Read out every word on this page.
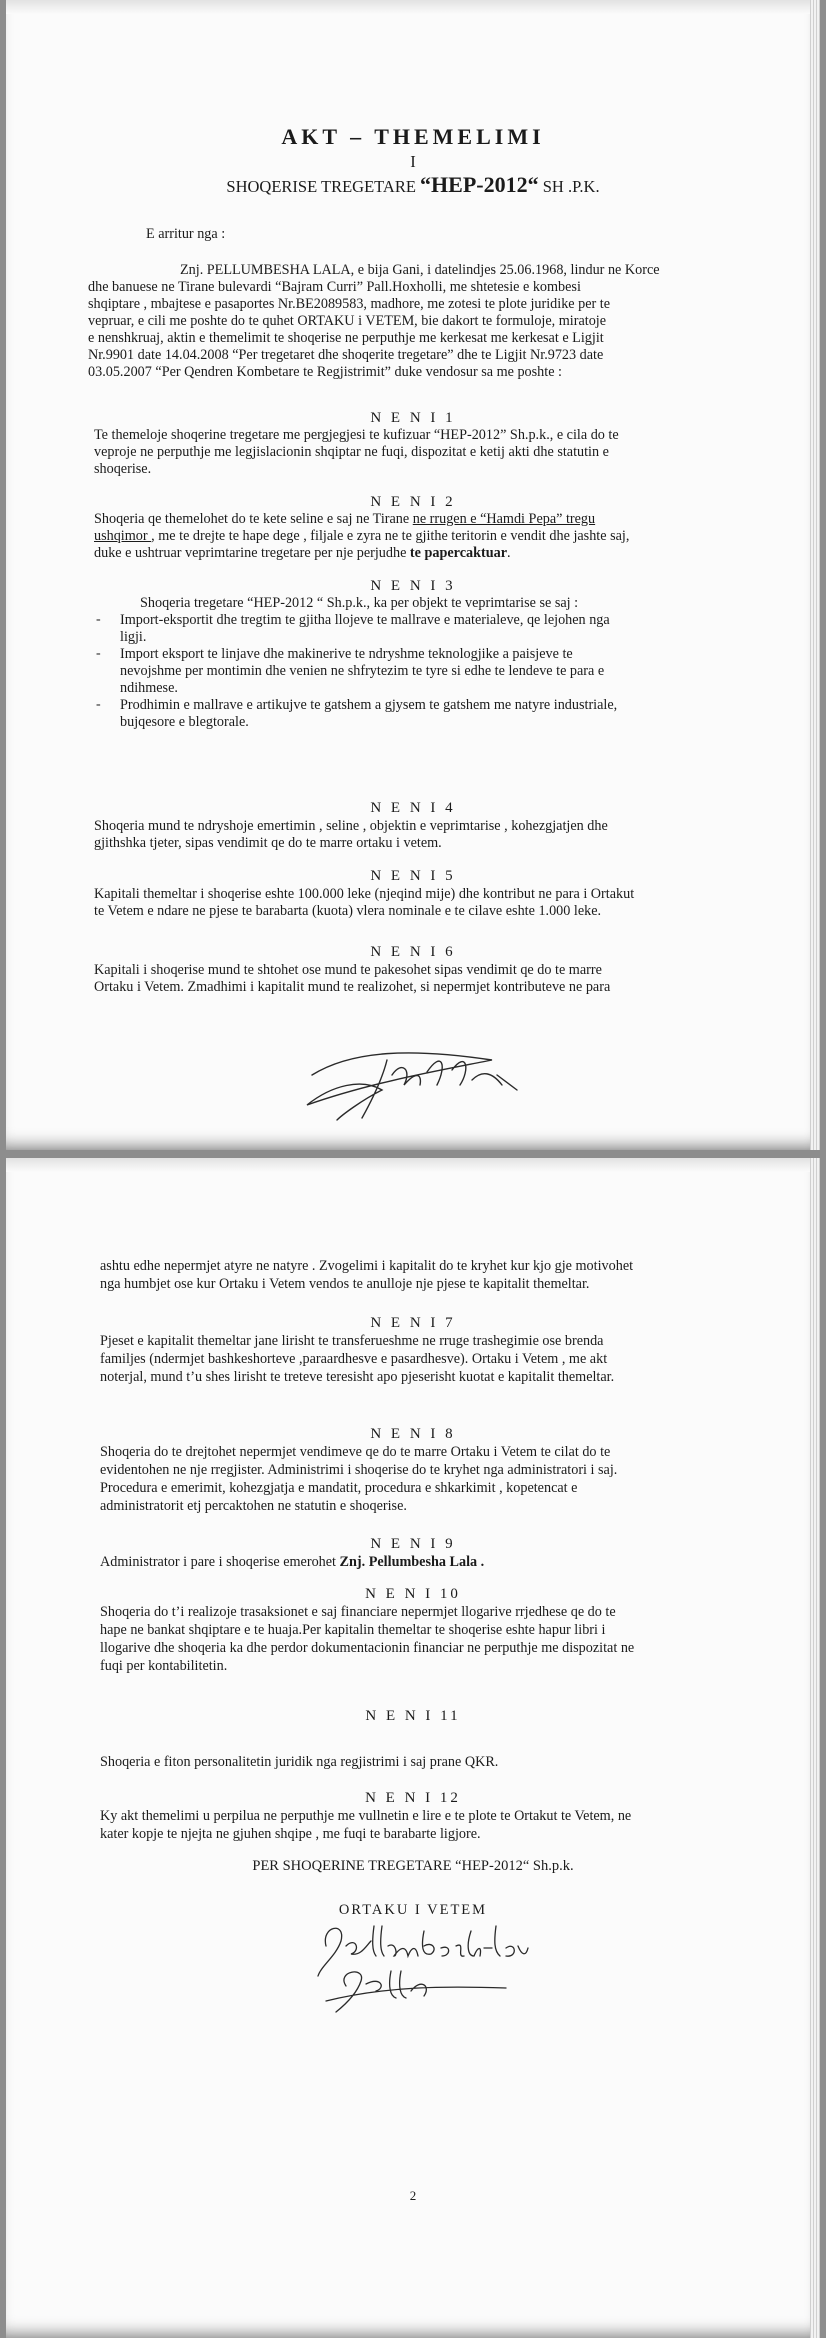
AKT – THEMELIMI
I
SHOQERISE TREGETARE “HEP-2012“ SH .P.K.
E arritur nga :
Znj. PELLUMBESHA LALA, e bija Gani, i datelindjes 25.06.1968, lindur ne Korce
dhe banuese ne Tirane bulevardi “Bajram Curri” Pall.Hoxholli, me shtetesie e kombesi
shqiptare , mbajtese e pasaportes Nr.BE2089583, madhore, me zotesi te plote juridike per te
vepruar, e cili me poshte do te quhet ORTAKU i VETEM, bie dakort te formuloje, miratoje
e nenshkruaj, aktin e themelimit te shoqerise ne perputhje me kerkesat me kerkesat e Ligjit
Nr.9901 date 14.04.2008 “Per tregetaret dhe shoqerite tregetare” dhe te Ligjit Nr.9723 date
03.05.2007 “Per Qendren Kombetare te Regjistrimit” duke vendosur sa me poshte :
N E N I 1
Te themeloje shoqerine tregetare me pergjegjesi te kufizuar “HEP-2012” Sh.p.k., e cila do te
veproje ne perputhje me legjislacionin shqiptar ne fuqi, dispozitat e ketij akti dhe statutin e
shoqerise.
N E N I 2
Shoqeria qe themelohet do te kete seline e saj ne Tirane ne rrugen e “Hamdi Pepa” tregu
ushqimor , me te drejte te hape dege , filjale e zyra ne te gjithe teritorin e vendit dhe jashte saj,
duke e ushtruar veprimtarine tregetare per nje perjudhe te papercaktuar.
N E N I 3
Shoqeria tregetare “HEP-2012 “ Sh.p.k., ka per objekt te veprimtarise se saj :
- Import-eksportit dhe tregtim te gjitha llojeve te mallrave e materialeve, qe lejohen nga
ligji.
- Import eksport te linjave dhe makinerive te ndryshme teknologjike a paisjeve te
nevojshme per montimin dhe venien ne shfrytezim te tyre si edhe te lendeve te para e
ndihmese.
- Prodhimin e mallrave e artikujve te gatshem a gjysem te gatshem me natyre industriale,
bujqesore e blegtorale.
N E N I 4
Shoqeria mund te ndryshoje emertimin , seline , objektin e veprimtarise , kohezgjatjen dhe
gjithshka tjeter, sipas vendimit qe do te marre ortaku i vetem.
N E N I 5
Kapitali themeltar i shoqerise eshte 100.000 leke (njeqind mije) dhe kontribut ne para i Ortakut
te Vetem e ndare ne pjese te barabarta (kuota) vlera nominale e te cilave eshte 1.000 leke.
N E N I 6
Kapitali i shoqerise mund te shtohet ose mund te pakesohet sipas vendimit qe do te marre
Ortaku i Vetem. Zmadhimi i kapitalit mund te realizohet, si nepermjet kontributeve ne para
ashtu edhe nepermjet atyre ne natyre . Zvogelimi i kapitalit do te kryhet kur kjo gje motivohet
nga humbjet ose kur Ortaku i Vetem vendos te anulloje nje pjese te kapitalit themeltar.
N E N I 7
Pjeset e kapitalit themeltar jane lirisht te transferueshme ne rruge trashegimie ose brenda
familjes (ndermjet bashkeshorteve ,paraardhesve e pasardhesve). Ortaku i Vetem , me akt
noterjal, mund t’u shes lirisht te treteve teresisht apo pjeserisht kuotat e kapitalit themeltar.
N E N I 8
Shoqeria do te drejtohet nepermjet vendimeve qe do te marre Ortaku i Vetem te cilat do te
evidentohen ne nje rregjister. Administrimi i shoqerise do te kryhet nga administratori i saj.
Procedura e emerimit, kohezgjatja e mandatit, procedura e shkarkimit , kopetencat e
administratorit etj percaktohen ne statutin e shoqerise.
N E N I 9
Administrator i pare i shoqerise emerohet Znj. Pellumbesha Lala .
N E N I 10
Shoqeria do t’i realizoje trasaksionet e saj financiare nepermjet llogarive rrjedhese qe do te
hape ne bankat shqiptare e te huaja.Per kapitalin themeltar te shoqerise eshte hapur libri i
llogarive dhe shoqeria ka dhe perdor dokumentacionin financiar ne perputhje me dispozitat ne
fuqi per kontabilitetin.
N E N I 11
Shoqeria e fiton personalitetin juridik nga regjistrimi i saj prane QKR.
N E N I 12
Ky akt themelimi u perpilua ne perputhje me vullnetin e lire e te plote te Ortakut te Vetem, ne
kater kopje te njejta ne gjuhen shqipe , me fuqi te barabarte ligjore.
PER SHOQERINE TREGETARE “HEP-2012“ Sh.p.k.
ORTAKU I VETEM
2
